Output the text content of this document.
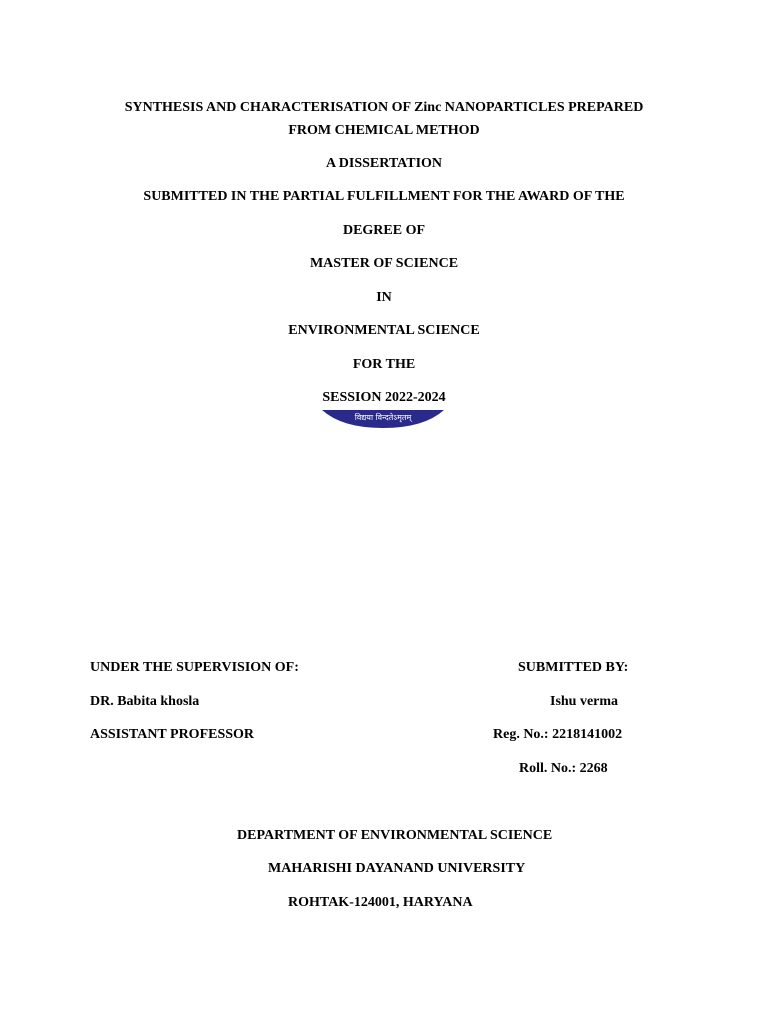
SYNTHESIS AND CHARACTERISATION OF Zinc NANOPARTICLES PREPARED
FROM CHEMICAL METHOD
A DISSERTATION
SUBMITTED IN THE PARTIAL FULFILLMENT FOR THE AWARD OF THE
DEGREE OF
MASTER OF SCIENCE
IN
ENVIRONMENTAL SCIENCE
FOR THE
SESSION 2022-2024
विद्यया विन्दतेऽमृतम्
UNDER THE SUPERVISION OF:
DR. Babita khosla
ASSISTANT PROFESSOR
SUBMITTED BY:
Ishu verma
Reg. No.: 2218141002
Roll. No.: 2268
DEPARTMENT OF ENVIRONMENTAL SCIENCE
MAHARISHI DAYANAND UNIVERSITY
ROHTAK-124001, HARYANA
